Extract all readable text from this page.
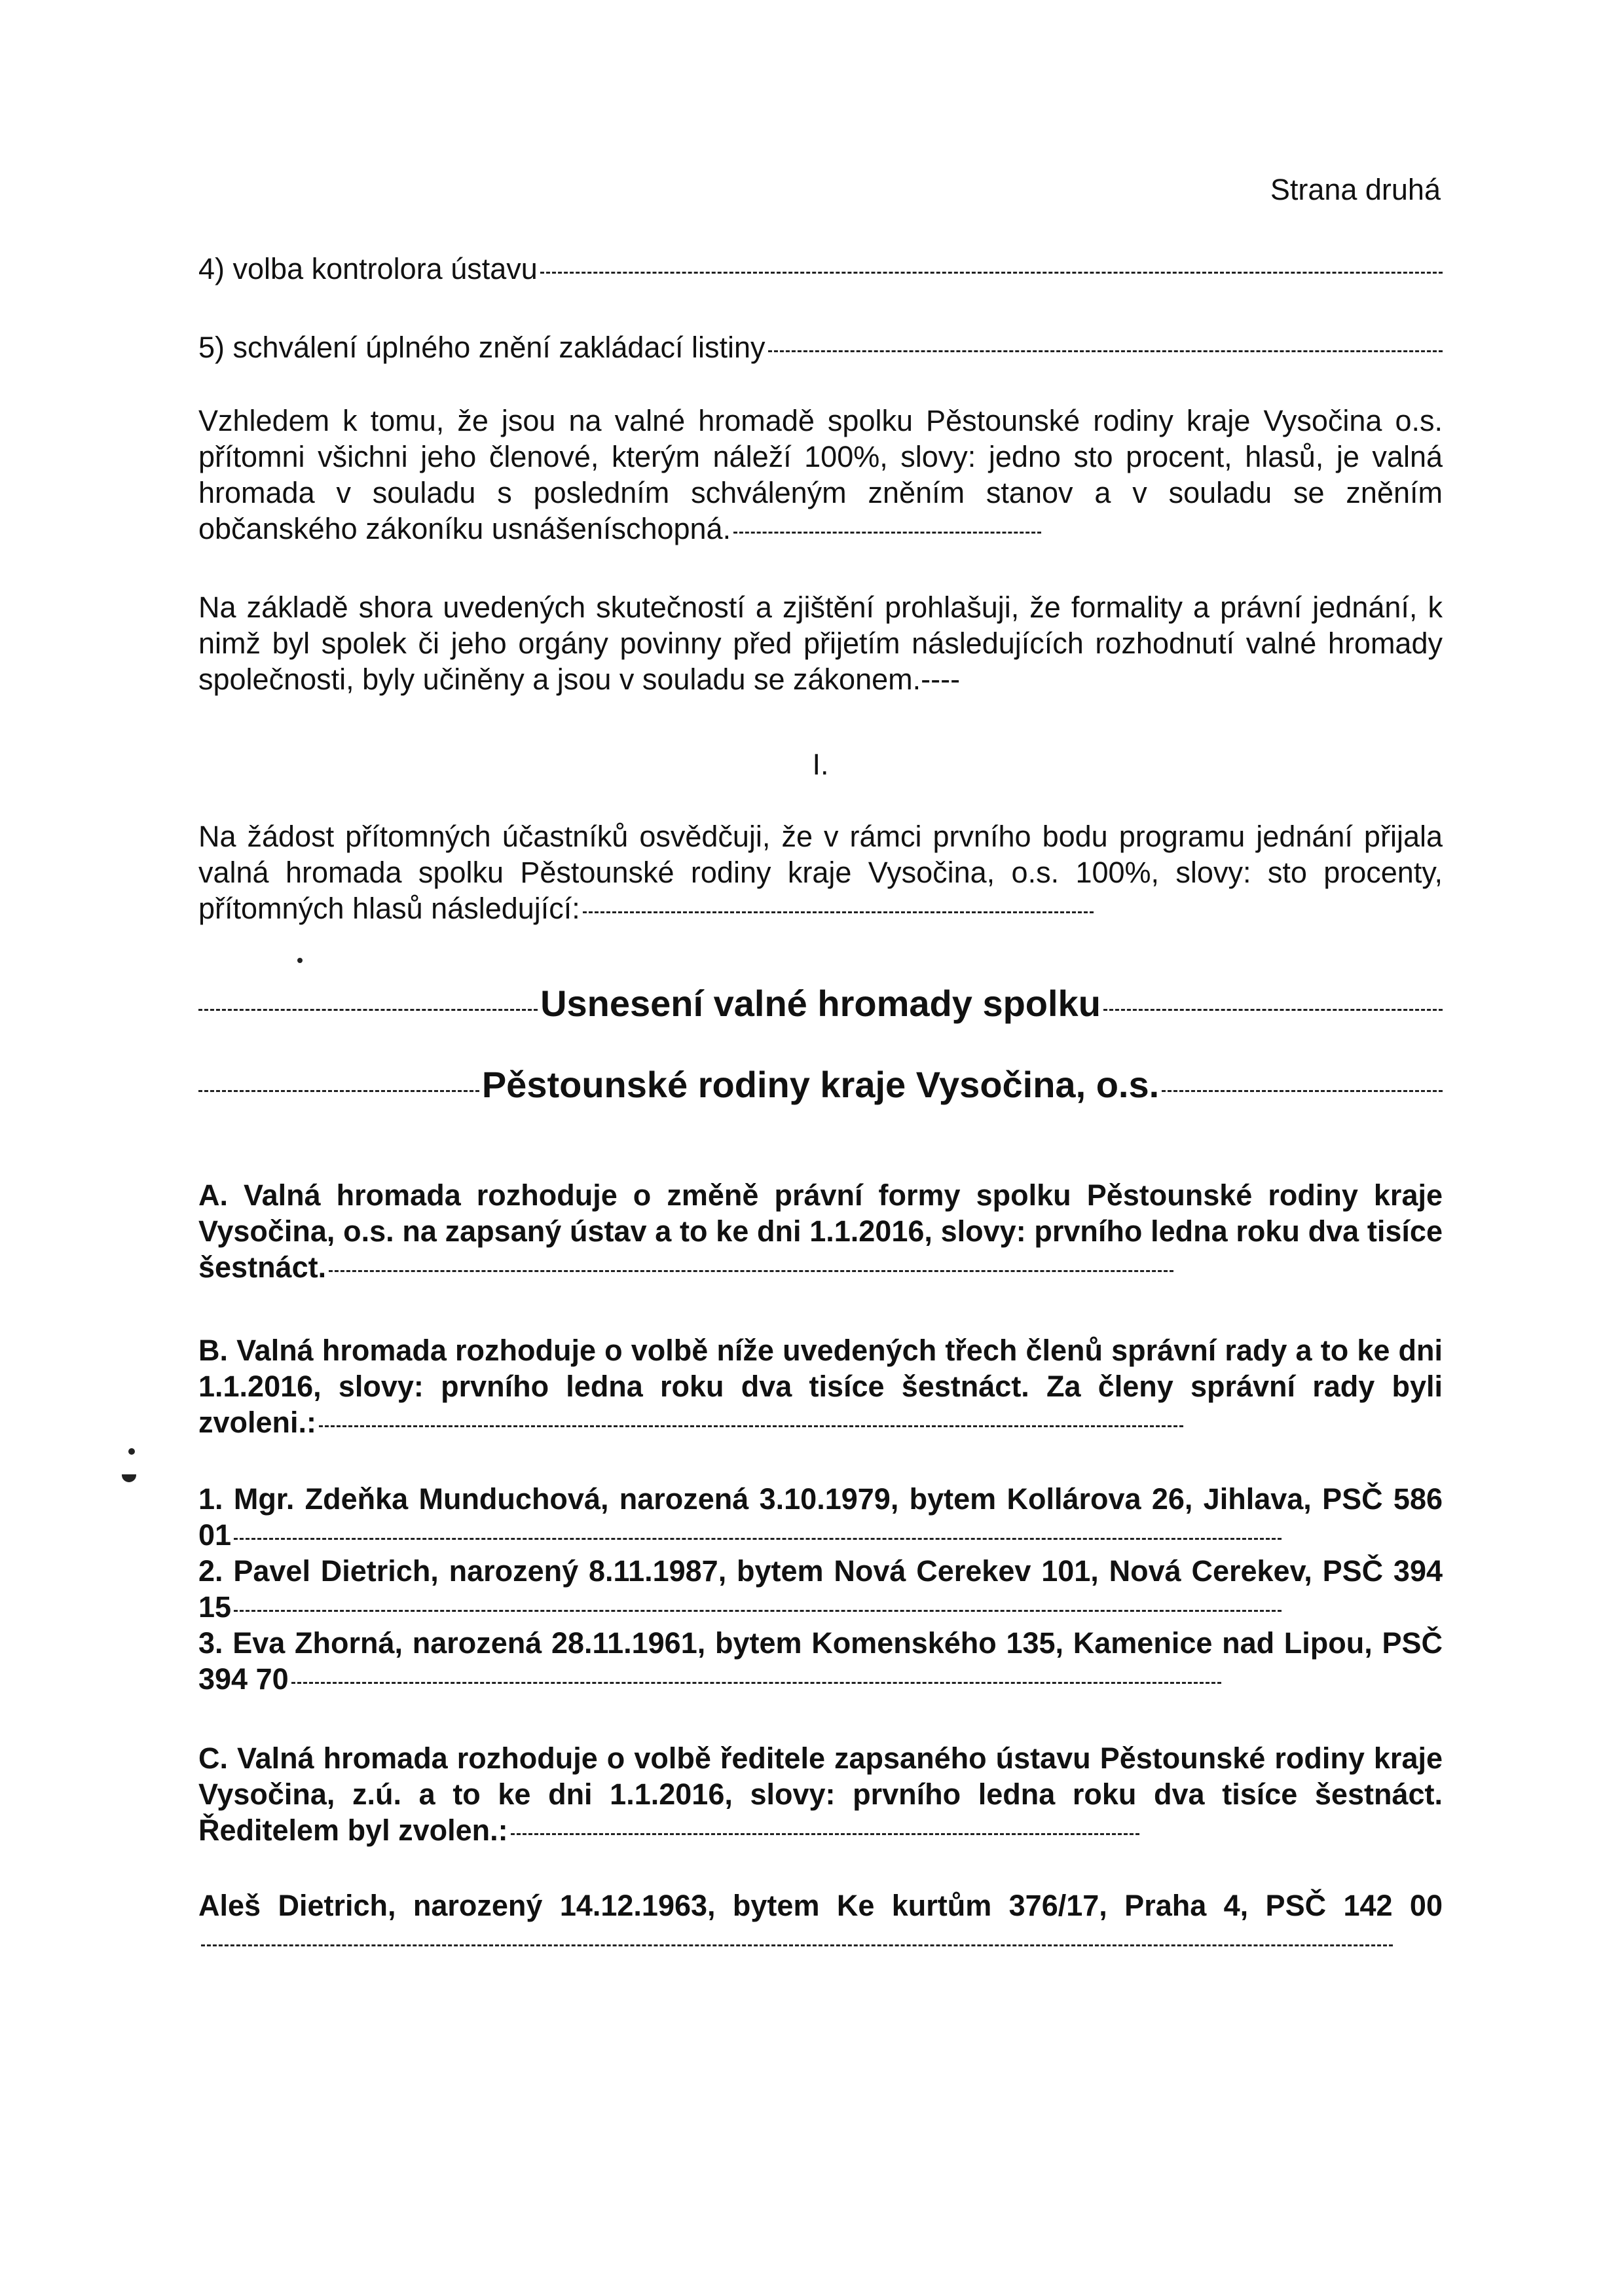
Strana druhá
4) volba kontrolora ústavu
5) schválení úplného znění zakládací listiny
Vzhledem k tomu, že jsou na valné hromadě spolku Pěstounské rodiny kraje Vysočina o.s. přítomni všichni jeho členové, kterým náleží 100%, slovy: jedno sto procent, hlasů, je valná hromada v souladu s posledním schváleným zněním stanov a v souladu se zněním občanského zákoníku usnášeníschopná.
Na základě shora uvedených skutečností a zjištění prohlašuji, že formality a právní jednání, k nimž byl spolek či jeho orgány povinny před přijetím následujících rozhodnutí valné hromady společnosti, byly učiněny a jsou v souladu se zákonem.----
I.
Na žádost přítomných účastníků osvědčuji, že v rámci prvního bodu programu jednání přijala valná hromada spolku Pěstounské rodiny kraje Vysočina, o.s. 100%, slovy: sto procenty, přítomných hlasů následující:
Usnesení valné hromady spolku
Pěstounské rodiny kraje Vysočina, o.s.
A. Valná hromada rozhoduje o změně právní formy spolku Pěstounské rodiny kraje Vysočina, o.s. na zapsaný ústav a to ke dni 1.1.2016, slovy: prvního ledna roku dva tisíce šestnáct.
B. Valná hromada rozhoduje o volbě níže uvedených třech členů správní rady a to ke dni 1.1.2016, slovy: prvního ledna roku dva tisíce šestnáct. Za členy správní rady byli zvoleni.:
1. Mgr. Zdeňka Munduchová, narozená 3.10.1979, bytem Kollárova 26, Jihlava, PSČ 586 01
2. Pavel Dietrich, narozený 8.11.1987, bytem Nová Cerekev 101, Nová Cerekev, PSČ 394 15
3. Eva Zhorná, narozená 28.11.1961, bytem Komenského 135, Kamenice nad Lipou, PSČ 394 70
C. Valná hromada rozhoduje o volbě ředitele zapsaného ústavu Pěstounské rodiny kraje Vysočina, z.ú. a to ke dni 1.1.2016, slovy: prvního ledna roku dva tisíce šestnáct. Ředitelem byl zvolen.:
Aleš Dietrich, narozený 14.12.1963, bytem Ke kurtům 376/17, Praha 4, PSČ 142 00
